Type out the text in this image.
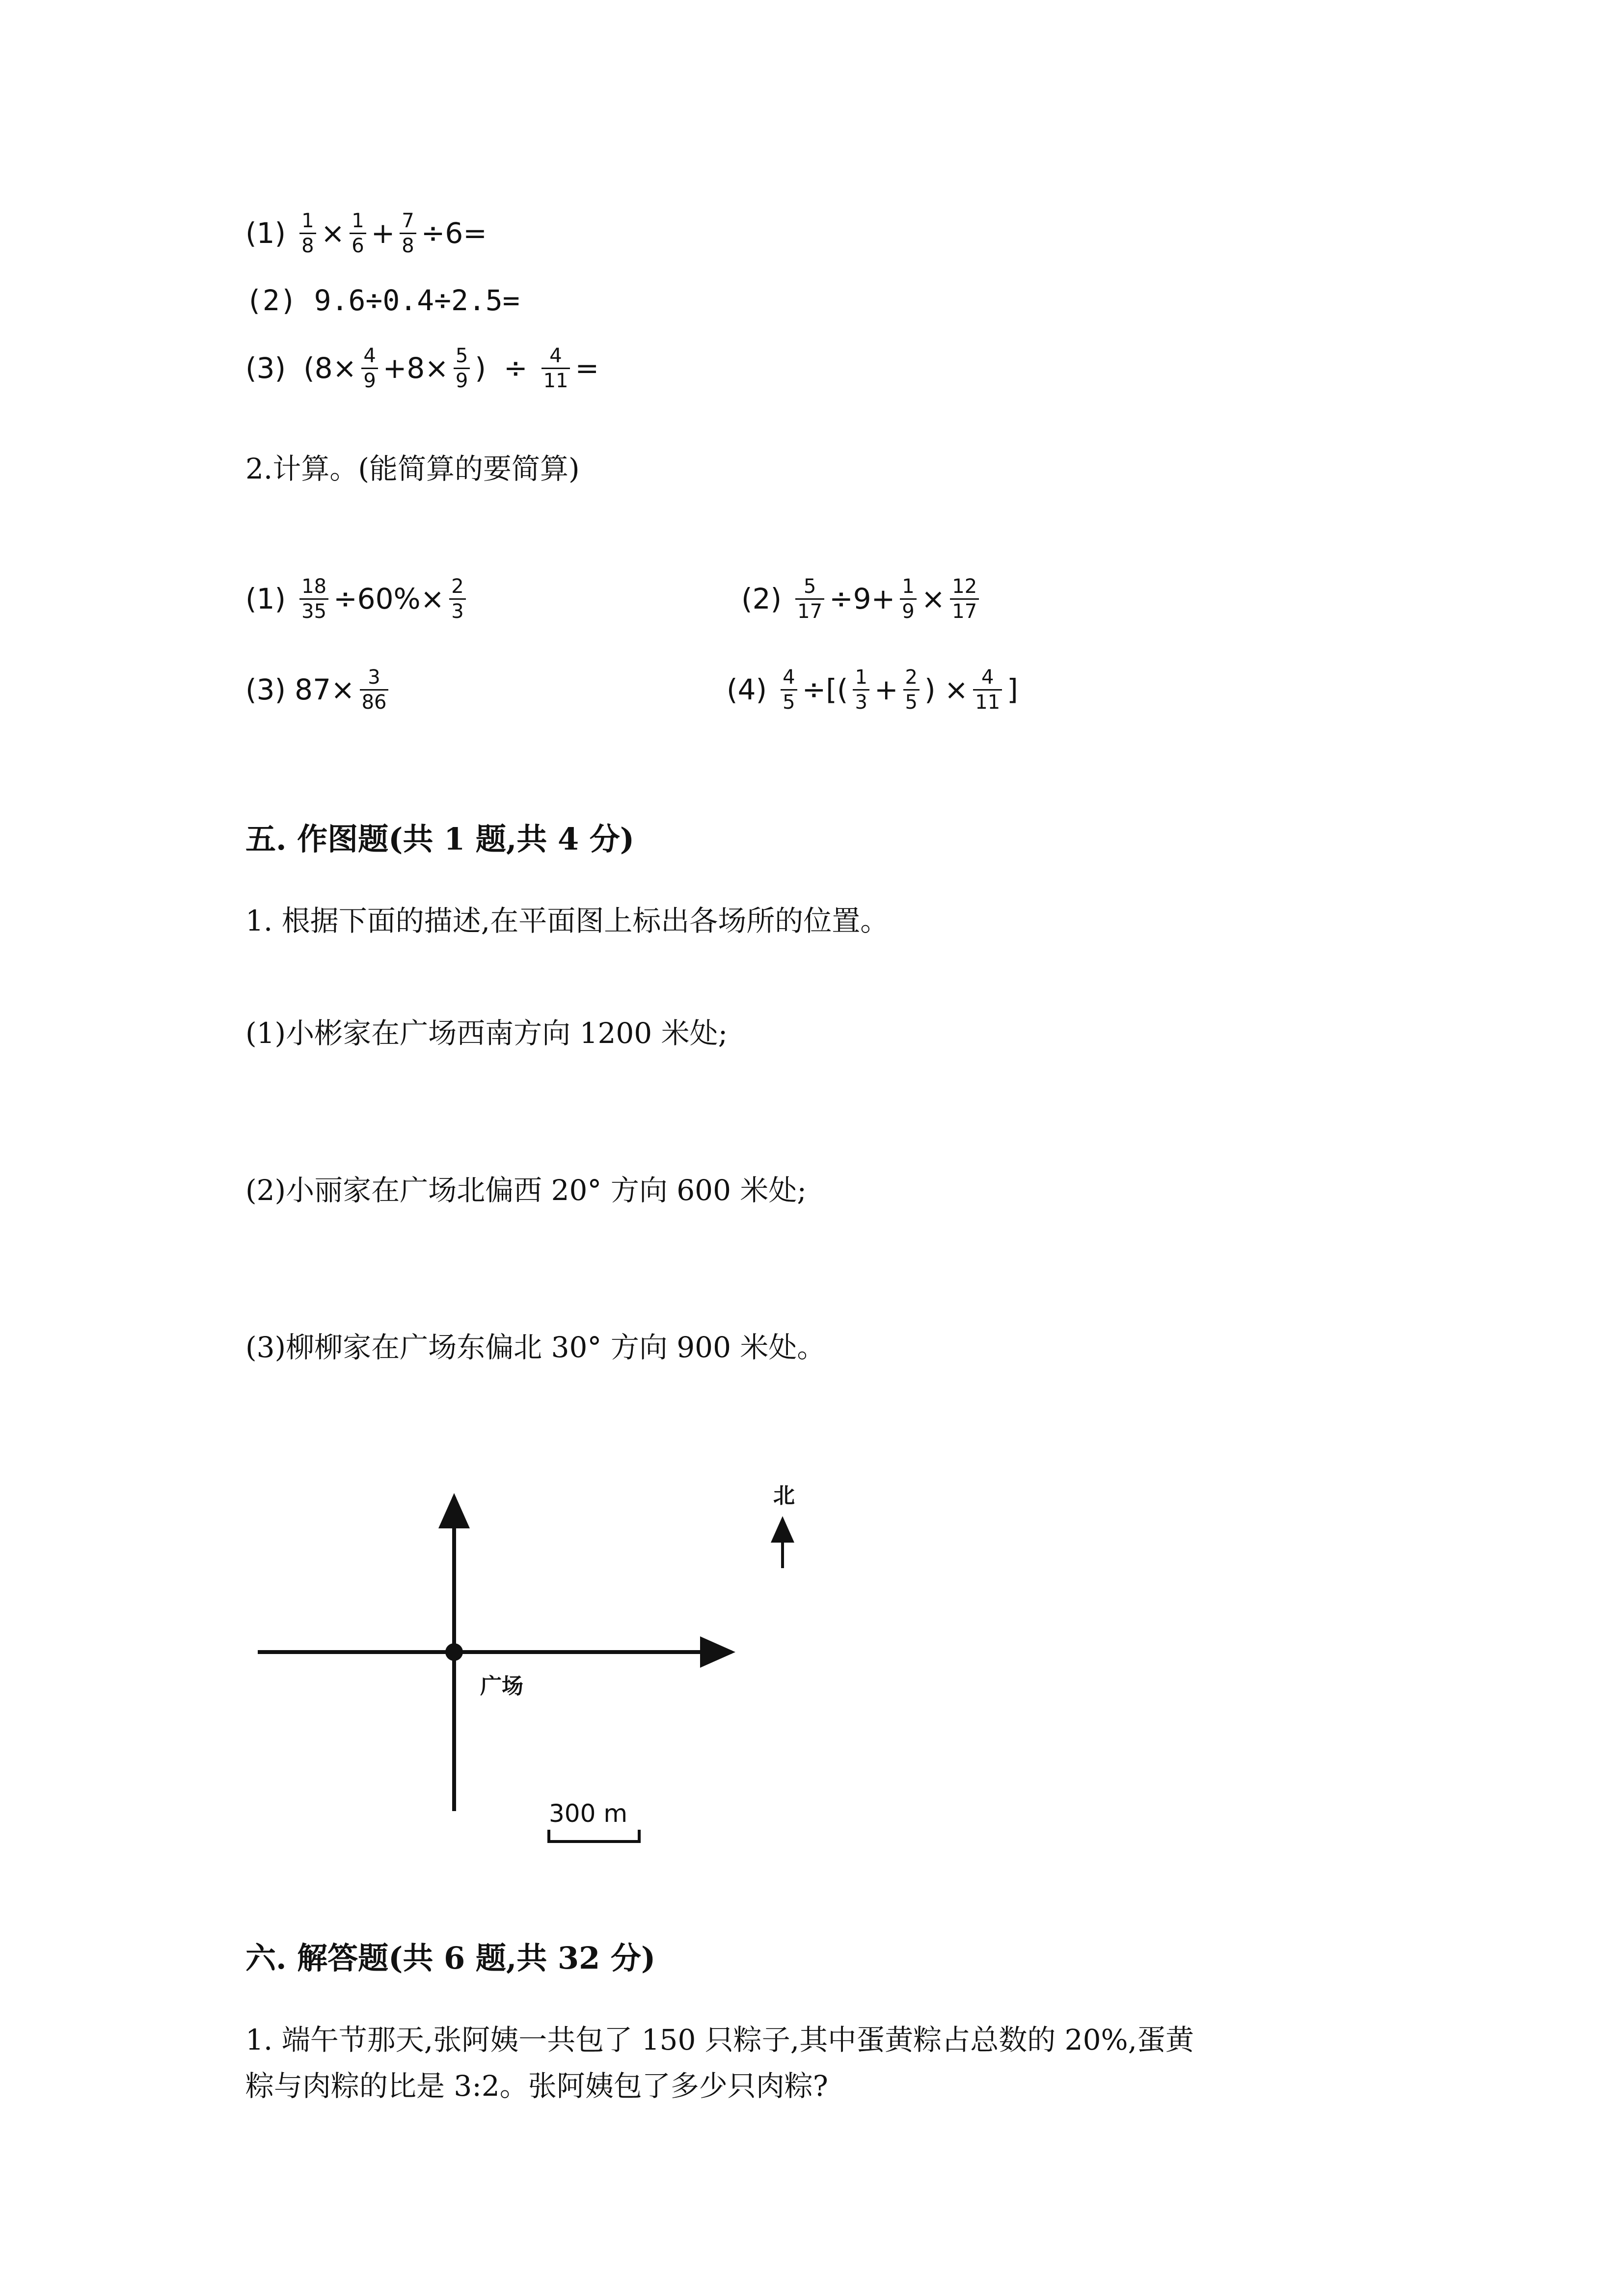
$(1) \frac{1}{8} \times \frac{1}{6} + \frac{7}{8} \div 6=$
(2) 9.6÷0.4÷2.5=
(3) ($8\times \frac{4}{9} +8\times \frac{5}{9}$ ) ÷ $\frac{4}{11}$ =
2.计算。(能简算的要简算)
$(1) \frac{18}{35} \div 60\%\times \frac{2}{3}$	$(2) \frac{5}{17} \div 9+ \frac{1}{9} \times \frac{12}{17}$
(3) $87\times \frac{3}{86}$	$(4) \frac{4}{5}$ ÷[( $\frac{1}{3} + \frac{2}{5}$ ) × $\frac{4}{11}$ ]
五. 作图题(共 1 题,共 4 分)
1. 根据下面的描述,在平面图上标出各场所的位置。
(1)小彬家在广场西南方向 1200 米处;
(2)小丽家在广场北偏西 20° 方向 600 米处;
(3)柳柳家在广场东偏北 30° 方向 900 米处。
广场
北
300 m
六. 解答题(共 6 题,共 32 分)
1. 端午节那天,张阿姨一共包了 150 只粽子,其中蛋黄粽占总数的 20%,蛋黄
粽与肉粽的比是 3:2。张阿姨包了多少只肉粽?
